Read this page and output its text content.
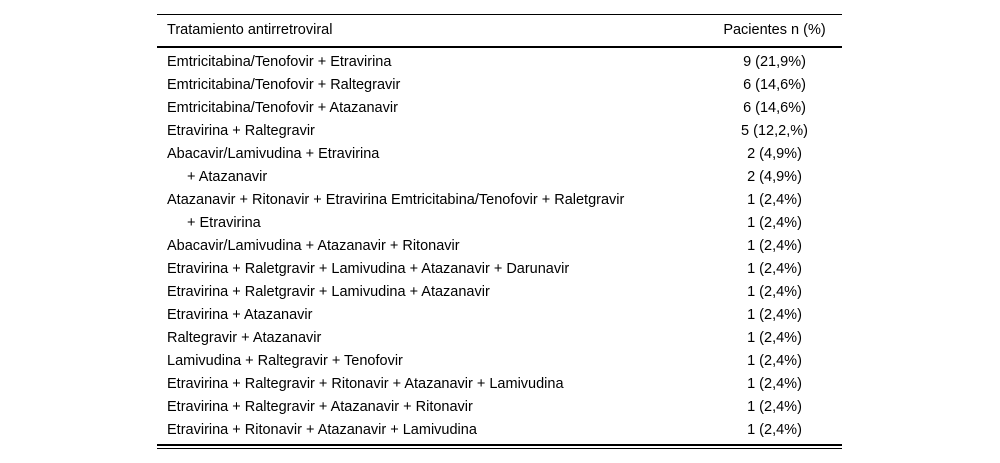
Tratamiento antirretroviral	Pacientes n (%)
Emtricitabina/Tenofovir + Etravirina	9 (21,9%)
Emtricitabina/Tenofovir + Raltegravir	6 (14,6%)
Emtricitabina/Tenofovir + Atazanavir	6 (14,6%)
Etravirina + Raltegravir	5 (12,2,%)
Abacavir/Lamivudina + Etravirina	2 (4,9%)
+ Atazanavir	2 (4,9%)
Atazanavir + Ritonavir + Etravirina Emtricitabina/Tenofovir + Raletgravir	1 (2,4%)
+ Etravirina	1 (2,4%)
Abacavir/Lamivudina + Atazanavir + Ritonavir	1 (2,4%)
Etravirina + Raletgravir + Lamivudina + Atazanavir + Darunavir	1 (2,4%)
Etravirina + Raletgravir + Lamivudina + Atazanavir	1 (2,4%)
Etravirina + Atazanavir	1 (2,4%)
Raltegravir + Atazanavir	1 (2,4%)
Lamivudina + Raltegravir + Tenofovir	1 (2,4%)
Etravirina + Raltegravir + Ritonavir + Atazanavir + Lamivudina	1 (2,4%)
Etravirina + Raltegravir + Atazanavir + Ritonavir	1 (2,4%)
Etravirina + Ritonavir + Atazanavir + Lamivudina	1 (2,4%)
